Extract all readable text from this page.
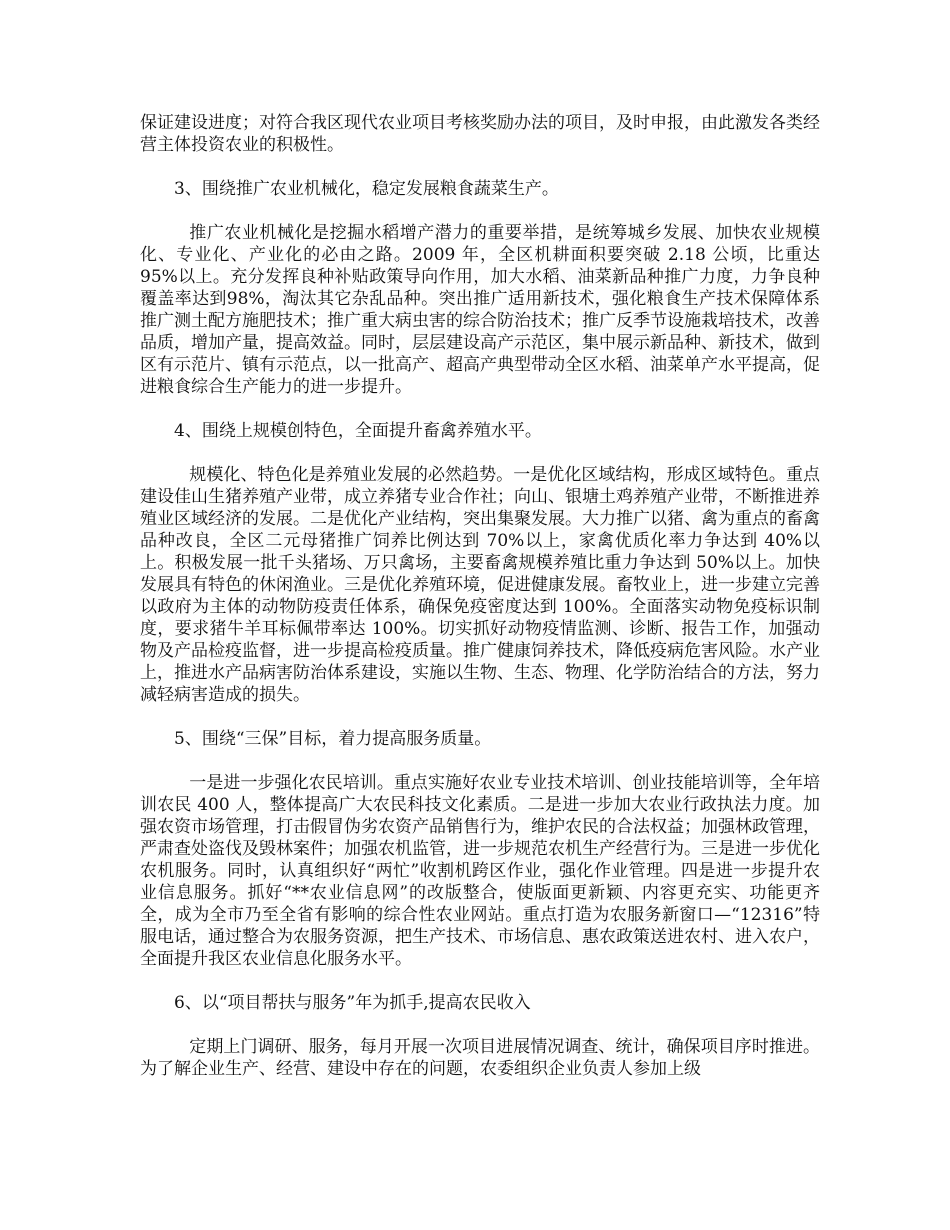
保证建设进度；对符合我区现代农业项目考核奖励办法的项目，及时申报，由此激发各类经营主体投资农业的积极性。

3、围绕推广农业机械化，稳定发展粮食蔬菜生产。

推广农业机械化是挖掘水稻增产潜力的重要举措，是统筹城乡发展、加快农业规模化、专业化、产业化的必由之路。2009 年，全区机耕面积要突破 2.18 公顷，比重达 95%以上。充分发挥良种补贴政策导向作用，加大水稻、油菜新品种推广力度，力争良种覆盖率达到98%，淘汰其它杂乱品种。突出推广适用新技术，强化粮食生产技术保障体系推广测土配方施肥技术；推广重大病虫害的综合防治技术；推广反季节设施栽培技术，改善品质，增加产量，提高效益。同时，层层建设高产示范区，集中展示新品种、新技术，做到区有示范片、镇有示范点，以一批高产、超高产典型带动全区水稻、油菜单产水平提高，促进粮食综合生产能力的进一步提升。

4、围绕上规模创特色，全面提升畜禽养殖水平。

规模化、特色化是养殖业发展的必然趋势。一是优化区域结构，形成区域特色。重点建设佳山生猪养殖产业带，成立养猪专业合作社；向山、银塘土鸡养殖产业带，不断推进养殖业区域经济的发展。二是优化产业结构，突出集聚发展。大力推广以猪、禽为重点的畜禽品种改良，全区二元母猪推广饲养比例达到 70%以上，家禽优质化率力争达到 40%以上。积极发展一批千头猪场、万只禽场，主要畜禽规模养殖比重力争达到 50%以上。加快发展具有特色的休闲渔业。三是优化养殖环境，促进健康发展。畜牧业上，进一步建立完善以政府为主体的动物防疫责任体系，确保免疫密度达到 100%。全面落实动物免疫标识制度，要求猪牛羊耳标佩带率达 100%。切实抓好动物疫情监测、诊断、报告工作，加强动物及产品检疫监督，进一步提高检疫质量。推广健康饲养技术，降低疫病危害风险。水产业上，推进水产品病害防治体系建设，实施以生物、生态、物理、化学防治结合的方法，努力减轻病害造成的损失。

5、围绕“三保”目标，着力提高服务质量。

一是进一步强化农民培训。重点实施好农业专业技术培训、创业技能培训等，全年培训农民 400 人，整体提高广大农民科技文化素质。二是进一步加大农业行政执法力度。加强农资市场管理，打击假冒伪劣农资产品销售行为，维护农民的合法权益；加强林政管理，严肃查处盗伐及毁林案件；加强农机监管，进一步规范农机生产经营行为。三是进一步优化农机服务。同时，认真组织好“两忙”收割机跨区作业，强化作业管理。四是进一步提升农业信息服务。抓好“**农业信息网”的改版整合，使版面更新颖、内容更充实、功能更齐全，成为全市乃至全省有影响的综合性农业网站。重点打造为农服务新窗口—“12316”特服电话，通过整合为农服务资源，把生产技术、市场信息、惠农政策送进农村、进入农户，全面提升我区农业信息化服务水平。

6、以“项目帮扶与服务”年为抓手,提高农民收入

定期上门调研、服务，每月开展一次项目进展情况调查、统计，确保项目序时推进。为了解企业生产、经营、建设中存在的问题，农委组织企业负责人参加上级
